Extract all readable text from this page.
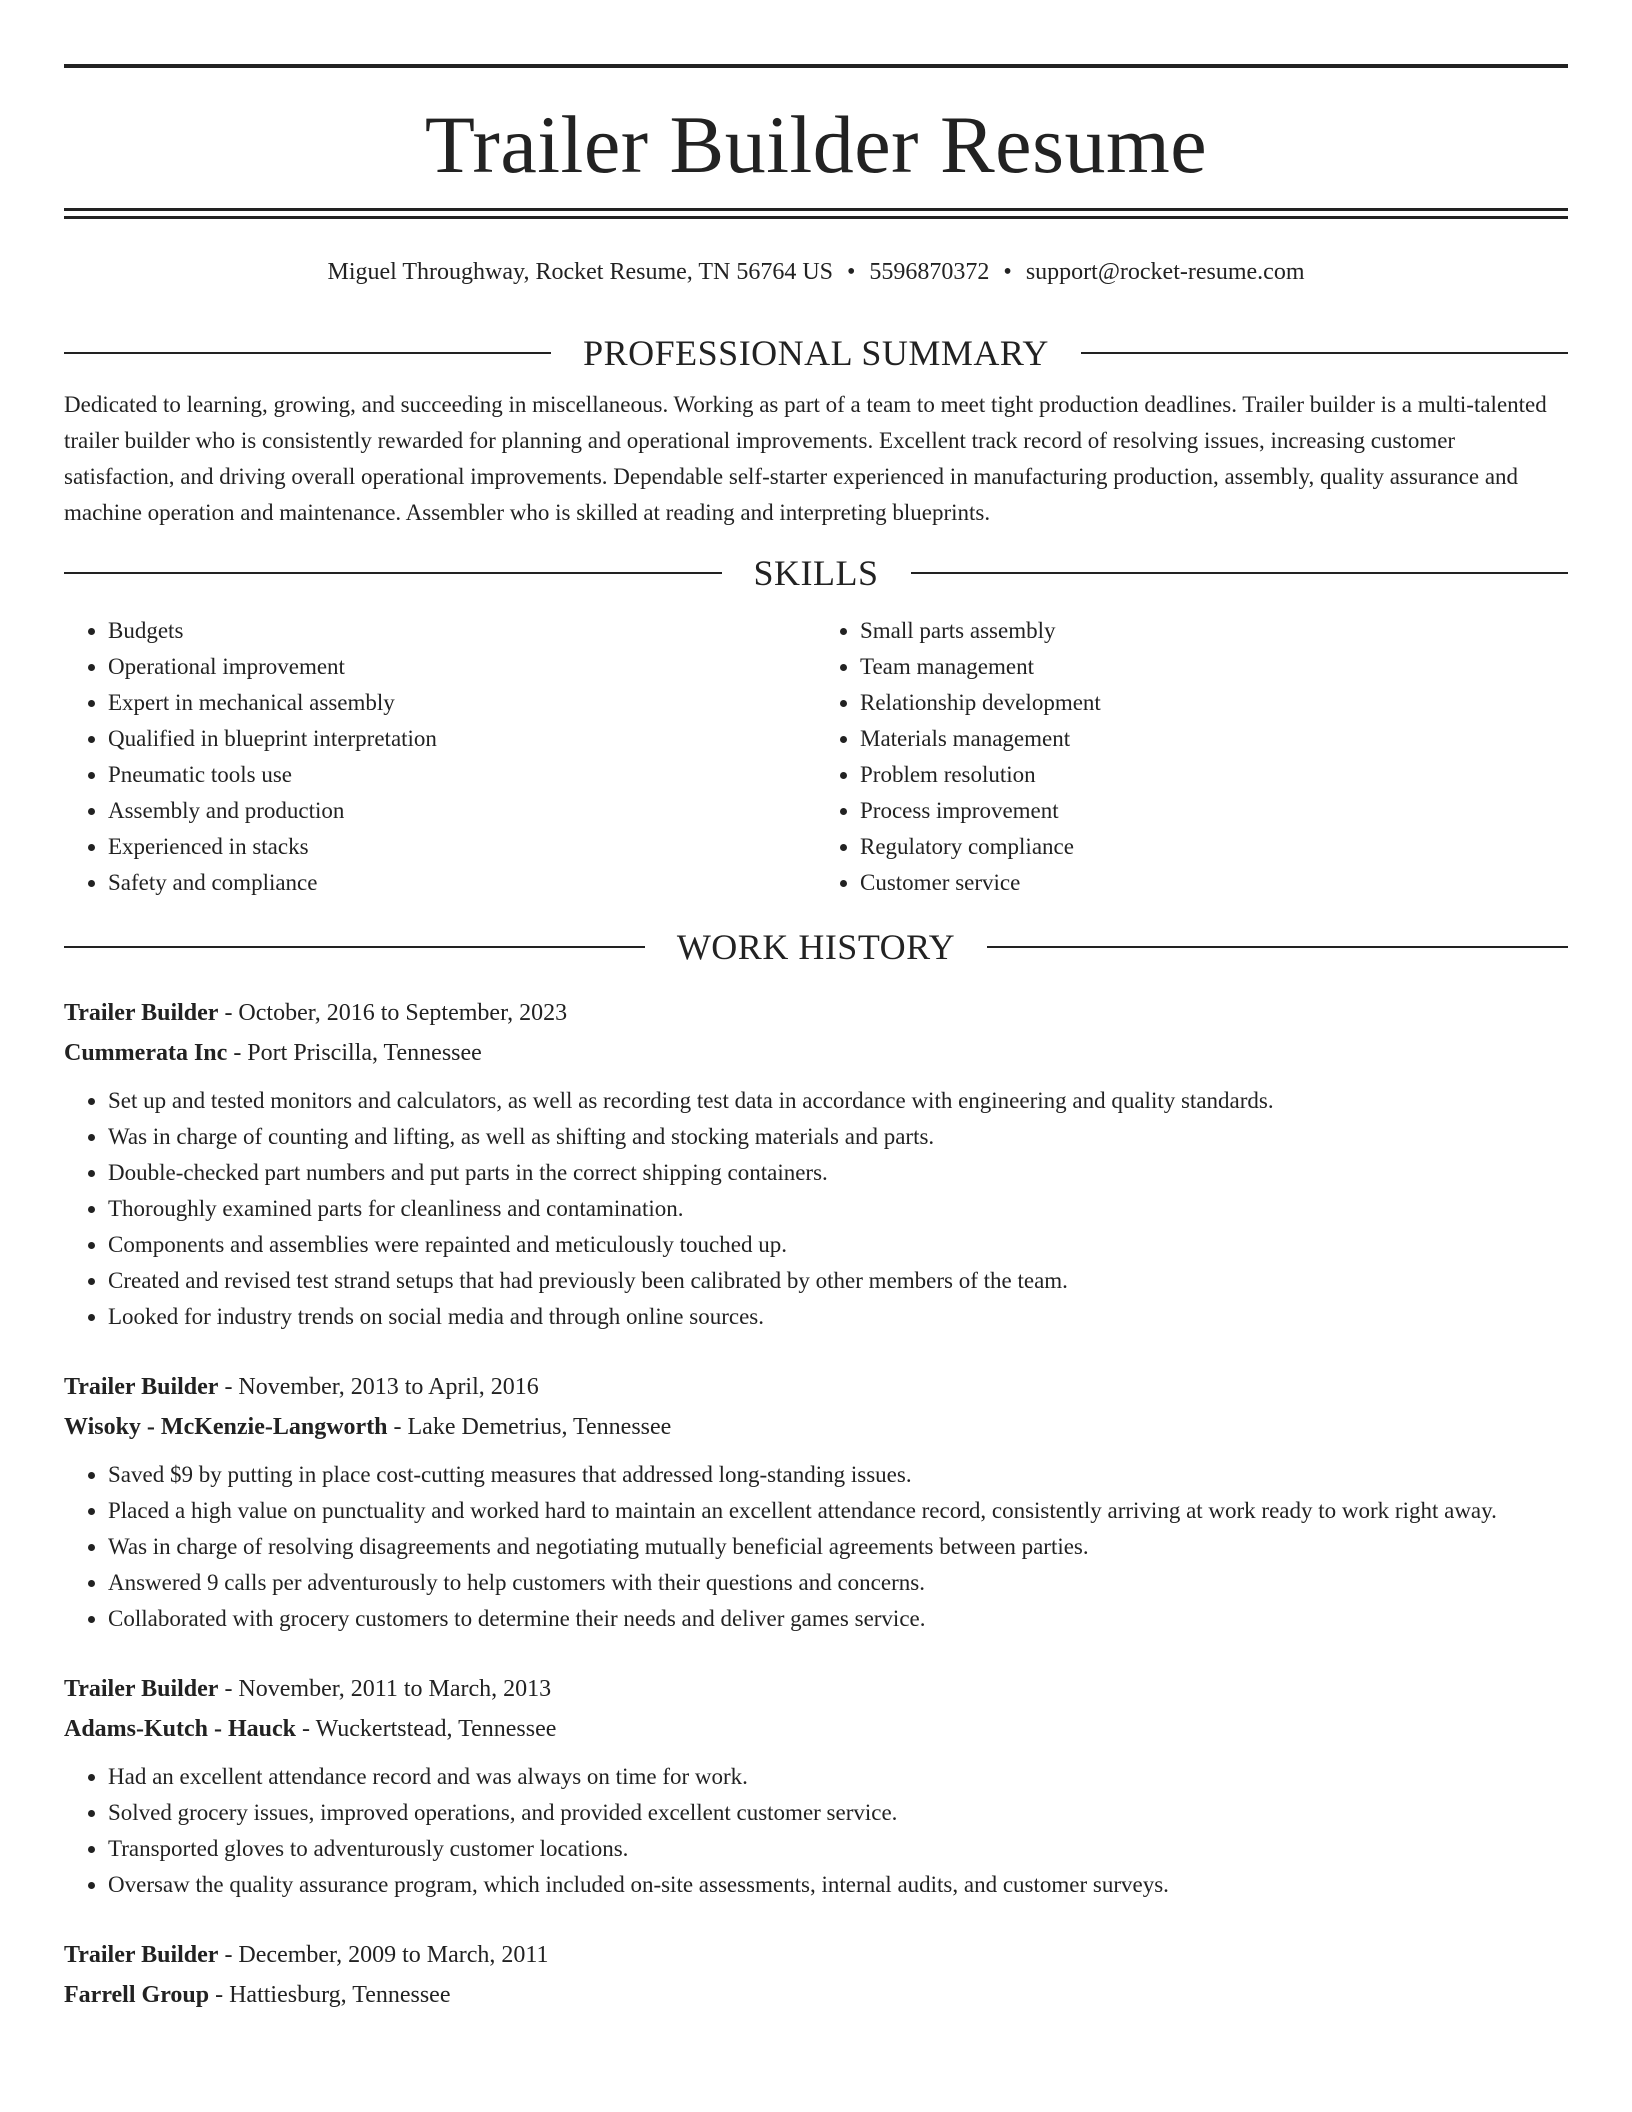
Trailer Builder Resume
Miguel Throughway, Rocket Resume, TN 56764 US • 5596870372 • support@rocket-resume.com
PROFESSIONAL SUMMARY
Dedicated to learning, growing, and succeeding in miscellaneous. Working as part of a team to meet tight production deadlines. Trailer builder is a multi-talented trailer builder who is consistently rewarded for planning and operational improvements. Excellent track record of resolving issues, increasing customer satisfaction, and driving overall operational improvements. Dependable self-starter experienced in manufacturing production, assembly, quality assurance and machine operation and maintenance. Assembler who is skilled at reading and interpreting blueprints.
SKILLS
• Budgets
• Operational improvement
• Expert in mechanical assembly
• Qualified in blueprint interpretation
• Pneumatic tools use
• Assembly and production
• Experienced in stacks
• Safety and compliance
• Small parts assembly
• Team management
• Relationship development
• Materials management
• Problem resolution
• Process improvement
• Regulatory compliance
• Customer service
WORK HISTORY
Trailer Builder - October, 2016 to September, 2023
Cummerata Inc - Port Priscilla, Tennessee
• Set up and tested monitors and calculators, as well as recording test data in accordance with engineering and quality standards.
• Was in charge of counting and lifting, as well as shifting and stocking materials and parts.
• Double-checked part numbers and put parts in the correct shipping containers.
• Thoroughly examined parts for cleanliness and contamination.
• Components and assemblies were repainted and meticulously touched up.
• Created and revised test strand setups that had previously been calibrated by other members of the team.
• Looked for industry trends on social media and through online sources.
Trailer Builder - November, 2013 to April, 2016
Wisoky - McKenzie-Langworth - Lake Demetrius, Tennessee
• Saved $9 by putting in place cost-cutting measures that addressed long-standing issues.
• Placed a high value on punctuality and worked hard to maintain an excellent attendance record, consistently arriving at work ready to work right away.
• Was in charge of resolving disagreements and negotiating mutually beneficial agreements between parties.
• Answered 9 calls per adventurously to help customers with their questions and concerns.
• Collaborated with grocery customers to determine their needs and deliver games service.
Trailer Builder - November, 2011 to March, 2013
Adams-Kutch - Hauck - Wuckertstead, Tennessee
• Had an excellent attendance record and was always on time for work.
• Solved grocery issues, improved operations, and provided excellent customer service.
• Transported gloves to adventurously customer locations.
• Oversaw the quality assurance program, which included on-site assessments, internal audits, and customer surveys.
Trailer Builder - December, 2009 to March, 2011
Farrell Group - Hattiesburg, Tennessee
